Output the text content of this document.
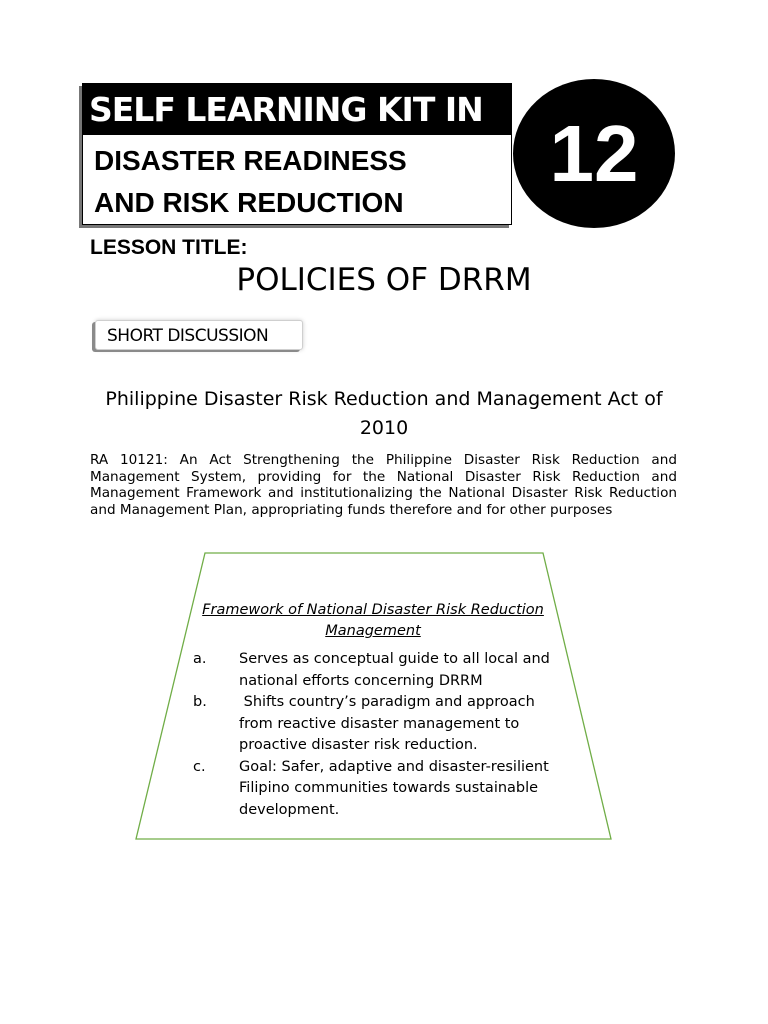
SELF LEARNING KIT IN
DISASTER READINESS
AND RISK REDUCTION
12
LESSON TITLE:
POLICIES OF DRRM
SHORT DISCUSSION
Philippine Disaster Risk Reduction and Management Act of 2010
RA 10121: An Act Strengthening the Philippine Disaster Risk Reduction and Management System, providing for the National Disaster Risk Reduction and Management Framework and institutionalizing the National Disaster Risk Reduction and Management Plan, appropriating funds therefore and for other purposes
Framework of National Disaster Risk Reduction Management
a. Serves as conceptual guide to all local and national efforts concerning DRRM
b. Shifts country’s paradigm and approach from reactive disaster management to proactive disaster risk reduction.
c. Goal: Safer, adaptive and disaster-resilient Filipino communities towards sustainable development.
